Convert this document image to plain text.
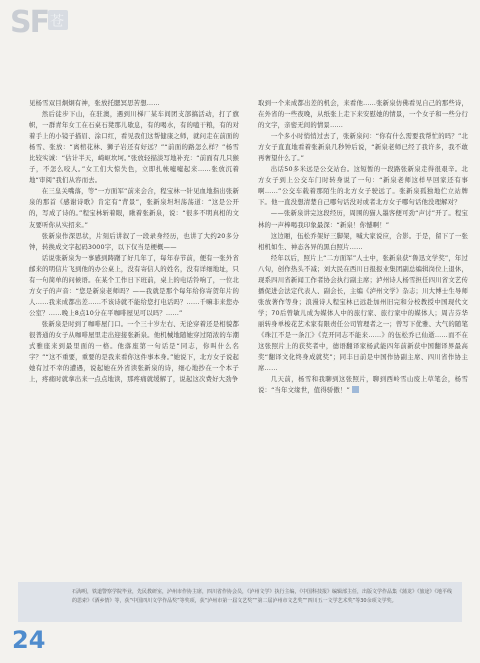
SF 苍

见杨雪双目炯炯有神，张放托腮冥思苦想……

然后徒步下山，在驻澳，遇到川梯厂某车间团支部搞活动，打了旗帜，一群青年女工在石桌石凳那儿歇息，有的喝水，有的嗑干粮，有的对着手上的小镜子描眉、涂口红，看见我们这帮健康之师，就问走在前面的杨雪、张放：“离棺花林、狮子岩还有好远？”“前面的路怎么样？”杨雪比较实诚：“估计半天，崎岖坎坷。”张放轻描淡写地补充：“前面有几只猴子，不怎么咬人。”女工们大惊失色，立即扎帐嘘嘘起来……张放沉着地“审阅”我们从容而去。

在三皇关嘴落，等“一方面军”前来会合，程宝林一针见血地指出张新泉的那首《感谢诗歌》肯定有“背景”，张新泉坦坦荡荡道：“这是公开的，写成了诗的。”程宝林斩着眼，瞅着张新泉，说：“很多不明真相的文友要听你从实招来。”

张新泉作深思状，片刻后讲叙了一段录身经历，也讲了大约20多分钟，转换成文字起码3000字，以下仅当是梗概——

话说张新泉为一事感到踌躇了好几年了，每年春节前，便有一张外省邮来的明信片飞到他的办公桌上，没有寄信人的姓名，没有详细地址，只有一句简单的问候语。在某个工作日下班前，桌上的电话铃响了，一位北方女子的声音：“您是新泉老师吗？——我就是那个每年给你寄贺年片的人……我来成都出差……不该诗就不能给您打电话吗？……千嘛非来您办公室？……晚上8点10分在平咖啡屋见可以吗？……”

张新泉是时到了咖啡屋门口。一个三十岁左右、无论穿着还是相貌都很普通的女子从咖啡屋里走出迎接张新泉。他机械地随她穿过陌浓的车潮式雅座来到最里面的一格。他落座第一句话是“同志，你叫什么名字？”“这不重要，重要的是我来看你这件事本身。”她说下，北方女子说起她有过不幸的遭遇，说起她在外省读张新泉的诗，细心地抄在一个本子上，疼痛时就拿出来一点点地读，那疼痛就缓解了，说起这次费好大劲争

取到一个来成都出差的机会，来看他……张新泉仿佛看见自己的那些诗，在外省的一些夜晚，从纸张上走下来安慰她的情景，一个女子和一些分行的文字，亲密无间的情景……

一个多小时悄悄过去了，张新泉问：“你有什么需要我帮忙的吗？”北方女子直直地看着张新泉几秒钟后说，“新泉老师已经了我许多，我不敢再奢望什么了。”

出话50多米远是公交站台。这短暂的一段路张新泉走得很艰辛。北方女子到上公交车门时转身说了一句：“新泉老师这样早回家还有事啊……”公交车载着那陌生的北方女子驶远了。张新泉孤独地伫立站牌下。他一直没想清楚自己哪句话没对或者北方女子哪句话他没理解对？

——张新泉讲完这段经历，周围的猫人墨客便可劲“声讨”开了。程宝林的一声棒喝我印象最深：“新泉！你憾啊！”

这边厢，伍松乔架好三脚架，喊大家说应，合影。于是，留下了一张相机如生、神态各异的黑白照片……

经年以后，照片上“二方面军”人士中，张新泉获“鲁迅文学奖”，年过八旬，创作热头不减；刘大民在西川日报报业集团副总编辑岗位上退休，现系四川省新闻工作者协会执行副主席；泸州诗人杨雪担任四川省文艺传播促进会法定代表人、副会长，主编《泸州文学》杂志；川大博士生导师张放著作等身；浪漫诗人程宝林已远赴加州旧完和分校教授中国现代文学；70后曾敏儿成为媒体人中的旅行家、旅行家中的媒体人；周吉芬华丽转身单梭花艺术家有限责任公司管理者之一；曾写下优雅、大气的随笔《珠江不是一条江》《克开同志不能来……》的伍松乔已仙逝……而不在这张照片上的获奖者中，德语翻译家杨武能四年前新获中国翻译界最高奖“翻译文化终身成就奖”；同丰日前是中国作协副主席、四川省作协主席……

几天前，杨雪和我聊到这张照片，聊到西岭雪山废上草笔会，杨雪说：“当年文缘世，值得骄傲！”

石海明，铁道警察学院毕业，先民教研室，泸州市作协主席，四川省作协会员，《泸州文学》执行主编，《中国科技报》编辑部主任，出版文学作品集《蒲龙》《旅途》《地平线的思索》《酒乡情》等，获“中国四川文学作品奖”等奖项，获“泸州市第一届文艺奖”“第二届泸州市文艺奖”“四川五一文学艺术奖”等30余项文学奖。

24
